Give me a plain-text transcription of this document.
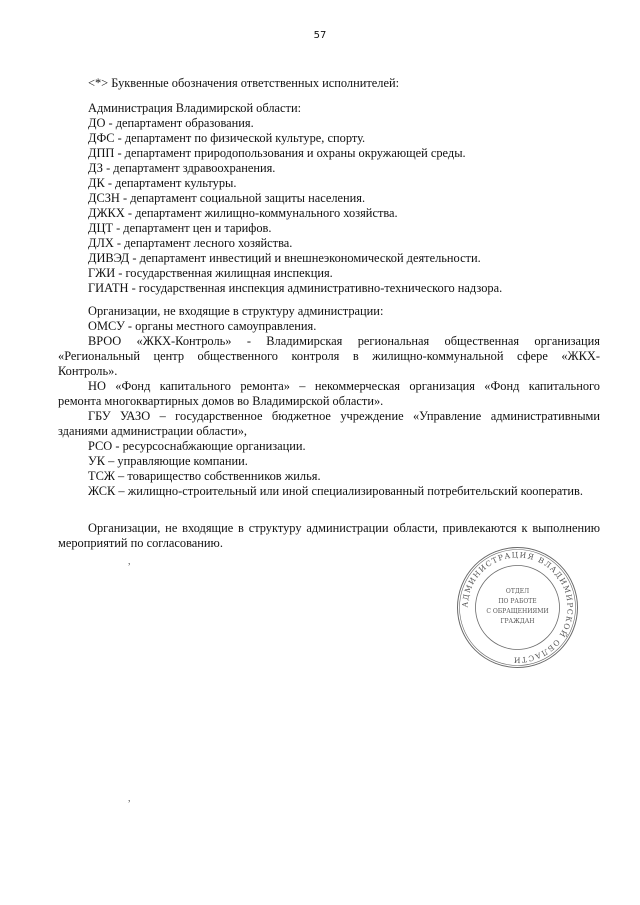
57
<*> Буквенные обозначения ответственных исполнителей:
Администрация Владимирской области:
ДО - департамент образования.
ДФС - департамент по физической культуре, спорту.
ДПП - департамент природопользования и охраны окружающей среды.
ДЗ - департамент здравоохранения.
ДК - департамент культуры.
ДСЗН - департамент социальной защиты населения.
ДЖКХ - департамент жилищно-коммунального хозяйства.
ДЦТ - департамент цен и тарифов.
ДЛХ - департамент лесного хозяйства.
ДИВЭД - департамент инвестиций и внешнеэкономической деятельности.
ГЖИ - государственная жилищная инспекция.
ГИАТН - государственная инспекция административно-технического надзора.
Организации, не входящие в структуру администрации:
ОМСУ - органы местного самоуправления.
ВРОО «ЖКХ-Контроль» - Владимирская региональная общественная организация
«Региональный центр общественного контроля в жилищно-коммунальной сфере «ЖКХ-
Контроль».
НО «Фонд капитального ремонта» – некоммерческая организация «Фонд капитального
ремонта многоквартирных домов во Владимирской области».
ГБУ УАЗО – государственное бюджетное учреждение «Управление административными
зданиями администрации области»,
РСО - ресурсоснабжающие организации.
УК – управляющие компании.
ТСЖ – товарищество собственников жилья.
ЖСК – жилищно-строительный или иной специализированный потребительский кооператив.
Организации, не входящие в структуру администрации области, привлекаются к выполнению
мероприятий по согласованию.
АДМИНИСТРАЦИЯ ВЛАДИМИРСКОЙ ОБЛАСТИ
ОТДЕЛ
ПО РАБОТЕ
С ОБРАЩЕНИЯМИ
ГРАЖДАН
,
,
